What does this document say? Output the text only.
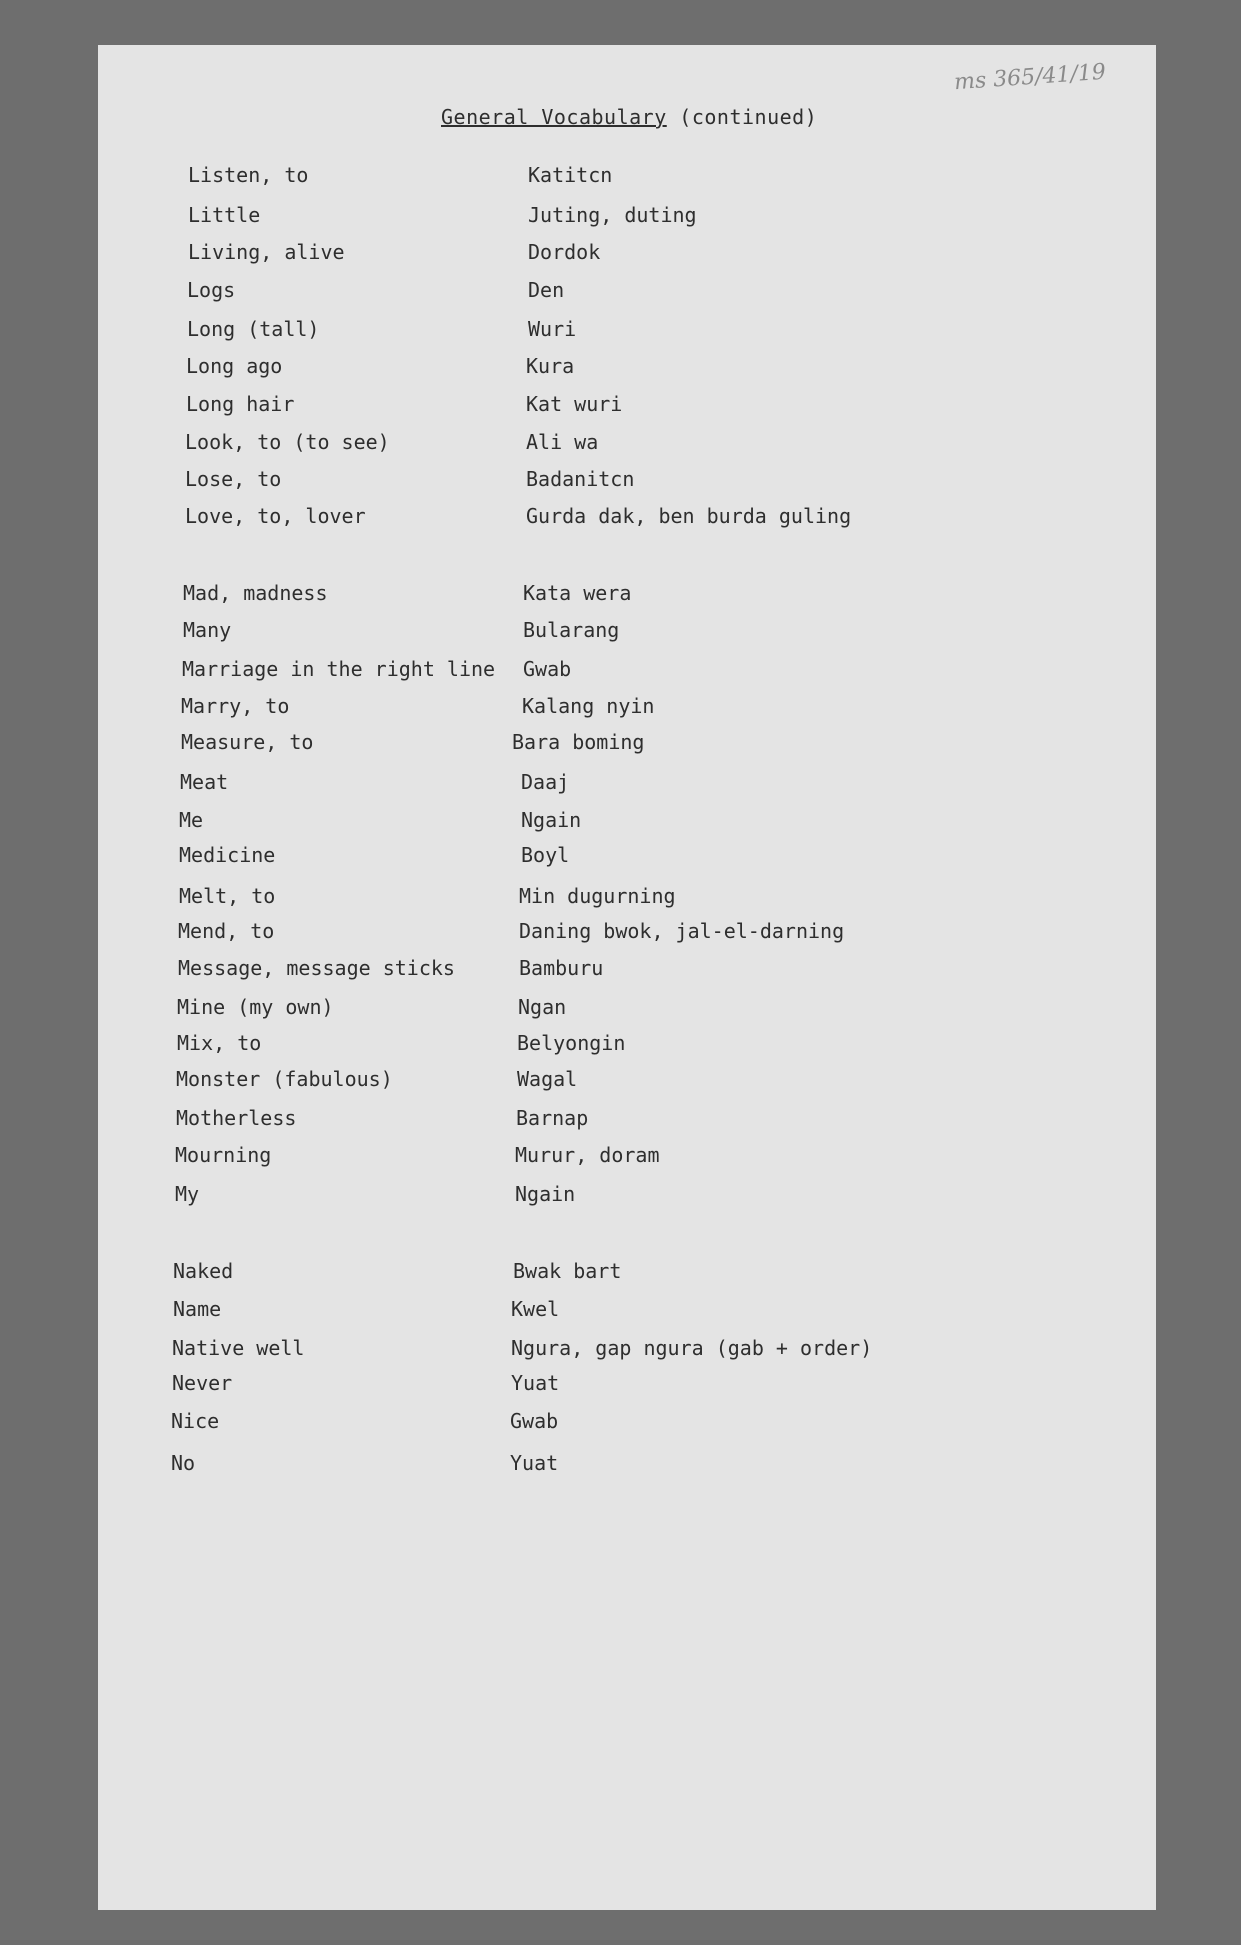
ms 365/41/19
General Vocabulary (continued)
Listen, to	Katitcn
Little	Juting, duting
Living, alive	Dordok
Logs	Den
Long (tall)	Wuri
Long ago	Kura
Long hair	Kat wuri
Look, to (to see)	Ali wa
Lose, to	Badanitcn
Love, to, lover	Gurda dak, ben burda guling
Mad, madness	Kata wera
Many	Bularang
Marriage in the right line Gwab
Marry, to	Kalang nyin
Measure, to	Bara boming
Meat	Daaj
Me	Ngain
Medicine	Boyl
Melt, to	Min dugurning
Mend, to	Daning bwok, jal-el-darning
Message, message sticks	Bamburu
Mine (my own)	Ngan
Mix, to	Belyongin
Monster (fabulous)	Wagal
Motherless	Barnap
Mourning	Murur, doram
My	Ngain
Naked	Bwak bart
Name	Kwel
Native well	Ngura, gap ngura (gab + order)
Never	Yuat
Nice	Gwab
No	Yuat
